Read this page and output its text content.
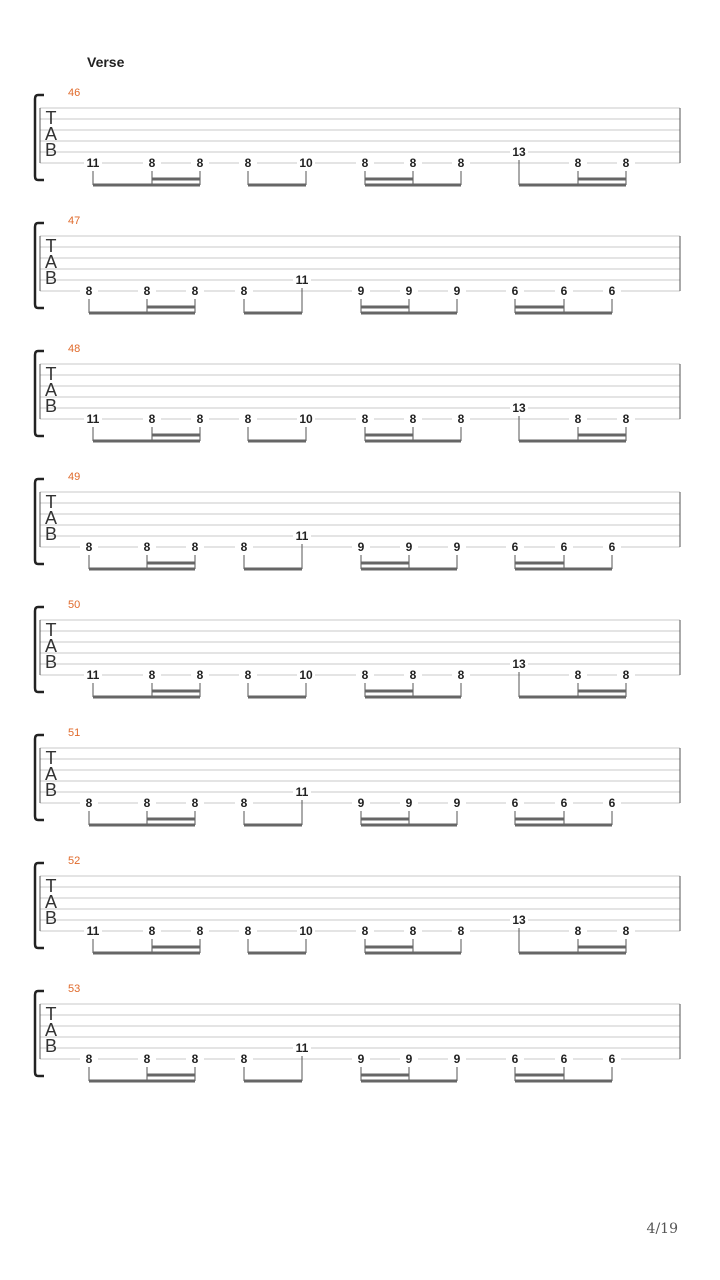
Verse
46
T
A
B
11	8	8	8	10	8	8	8
13
8	8
47
T
A
B
8	8	8	8
11
9	9	9	6	6	6
48
T
A
B
11	8	8	8	10	8	8	8
13
8	8
49
T
A
B
8	8	8	8
11
9	9	9	6	6	6
50
T
A
B
11	8	8	8	10	8	8	8
13
8	8
51
T
A
B
8	8	8	8
11
9	9	9	6	6	6
52
T
A
B
11	8	8	8	10	8	8	8
13
8	8
53
T
A
B
8	8	8	8
11
9	9	9	6	6	6
4/19
